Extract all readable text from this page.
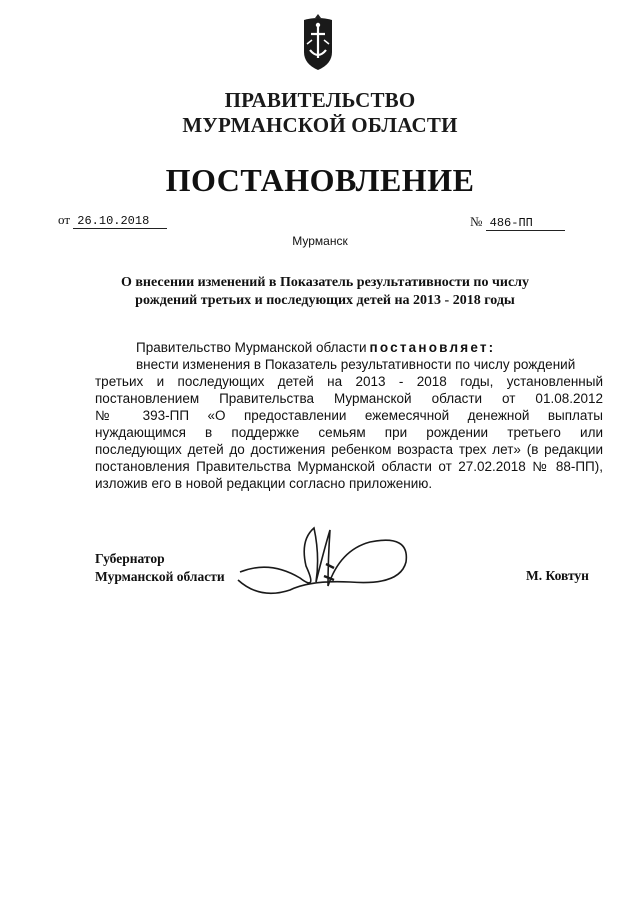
ПРАВИТЕЛЬСТВО
МУРМАНСКОЙ ОБЛАСТИ
ПОСТАНОВЛЕНИЕ
от 26.10.2018	№ 486-ПП
Мурманск
О внесении изменений в Показатель результативности по числу
рождений третьих и последующих детей на 2013 - 2018 годы
Правительство Мурманской области постановляет:
внести изменения в Показатель результативности по числу рождений
третьих и последующих детей на 2013 - 2018 годы, установленный
постановлением Правительства Мурманской области от 01.08.2012
№ 393-ПП «О предоставлении ежемесячной денежной выплаты
нуждающимся в поддержке семьям при рождении третьего или
последующих детей до достижения ребенком возраста трех лет» (в редакции
постановления Правительства Мурманской области от 27.02.2018 № 88-ПП),
изложив его в новой редакции согласно приложению.
Губернатор
Мурманской области	М. Ковтун
